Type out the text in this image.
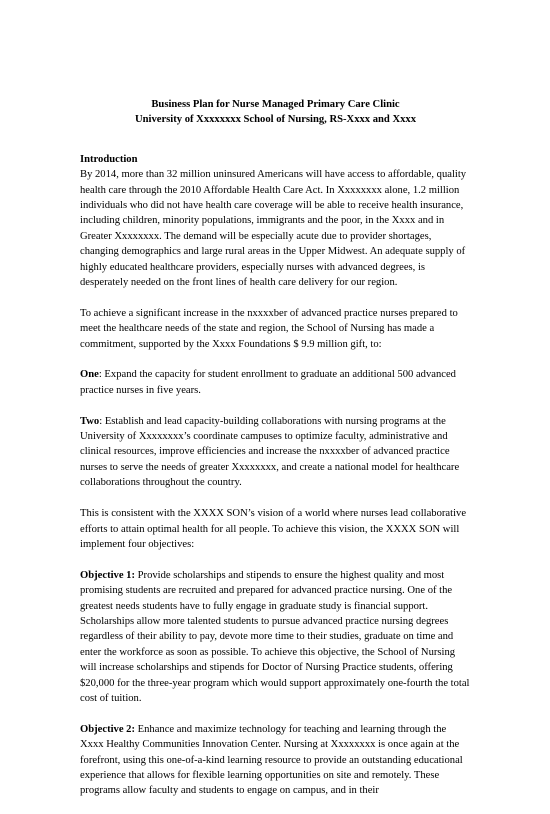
Business Plan for Nurse Managed Primary Care Clinic
University of Xxxxxxxx School of Nursing, RS-Xxxx and Xxxx
Introduction

By 2014, more than 32 million uninsured Americans will have access to affordable, quality health care through the 2010 Affordable Health Care Act. In Xxxxxxxx alone, 1.2 million individuals who did not have health care coverage will be able to receive health insurance, including children, minority populations, immigrants and the poor, in the Xxxx and in Greater Xxxxxxxx. The demand will be especially acute due to provider shortages, changing demographics and large rural areas in the Upper Midwest. An adequate supply of highly educated healthcare providers, especially nurses with advanced degrees, is desperately needed on the front lines of health care delivery for our region.

To achieve a significant increase in the nxxxxber of advanced practice nurses prepared to meet the healthcare needs of the state and region, the School of Nursing has made a commitment, supported by the Xxxx Foundations $ 9.9 million gift, to:

One: Expand the capacity for student enrollment to graduate an additional 500 advanced practice nurses in five years.

Two: Establish and lead capacity-building collaborations with nursing programs at the University of Xxxxxxxx’s coordinate campuses to optimize faculty, administrative and clinical resources, improve efficiencies and increase the nxxxxber of advanced practice nurses to serve the needs of greater Xxxxxxxx, and create a national model for healthcare collaborations throughout the country.

This is consistent with the XXXX SON’s vision of a world where nurses lead collaborative efforts to attain optimal health for all people. To achieve this vision, the XXXX SON will implement four objectives:

Objective 1: Provide scholarships and stipends to ensure the highest quality and most promising students are recruited and prepared for advanced practice nursing. One of the greatest needs students have to fully engage in graduate study is financial support. Scholarships allow more talented students to pursue advanced practice nursing degrees regardless of their ability to pay, devote more time to their studies, graduate on time and enter the workforce as soon as possible. To achieve this objective, the School of Nursing will increase scholarships and stipends for Doctor of Nursing Practice students, offering $20,000 for the three-year program which would support approximately one-fourth the total cost of tuition.

Objective 2: Enhance and maximize technology for teaching and learning through the Xxxx Healthy Communities Innovation Center. Nursing at Xxxxxxxx is once again at the forefront, using this one-of-a-kind learning resource to provide an outstanding educational experience that allows for flexible learning opportunities on site and remotely. These programs allow faculty and students to engage on campus, and in their
